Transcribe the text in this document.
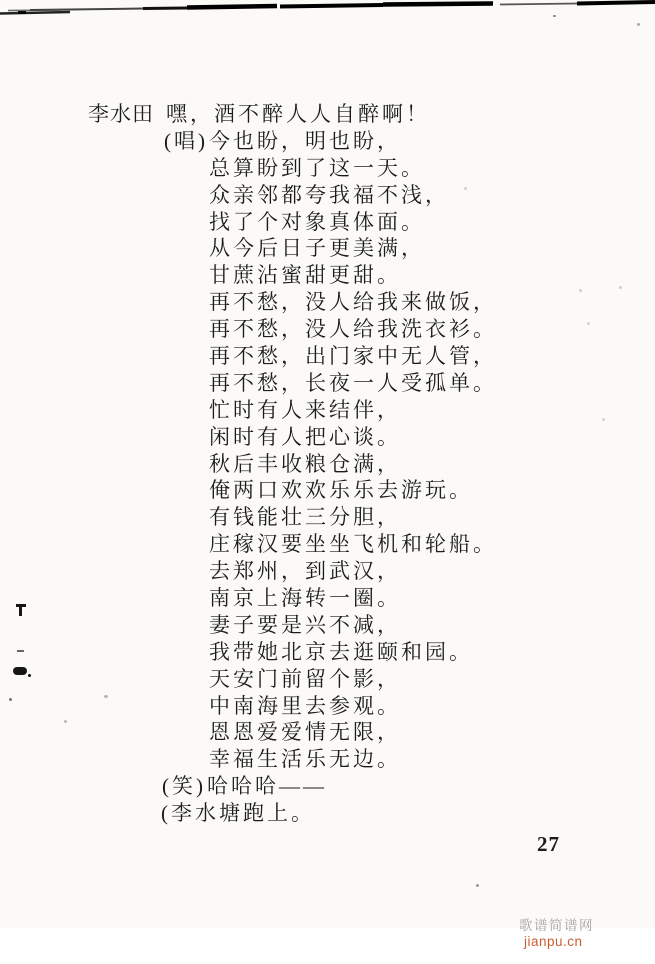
李水田

嘿，酒不醉人人自醉啊！

(唱)

今也盼，明也盼，

总算盼到了这一天。
众亲邻都夸我福不浅，
找了个对象真体面。
从今后日子更美满，
甘蔗沾蜜甜更甜。
再不愁，没人给我来做饭，
再不愁，没人给我洗衣衫。
再不愁，出门家中无人管，
再不愁，长夜一人受孤单。
忙时有人来结伴，
闲时有人把心谈。
秋后丰收粮仓满，
俺两口欢欢乐乐去游玩。
有钱能壮三分胆，
庄稼汉要坐坐飞机和轮船。
去郑州，到武汉，
南京上海转一圈。
妻子要是兴不减，
我带她北京去逛颐和园。
天安门前留个影，
中南海里去参观。
恩恩爱爱情无限，
幸福生活乐无边。

(笑)

哈哈哈——

(李水塘跑上。

27

歌谱简谱网
jianpu.cn
